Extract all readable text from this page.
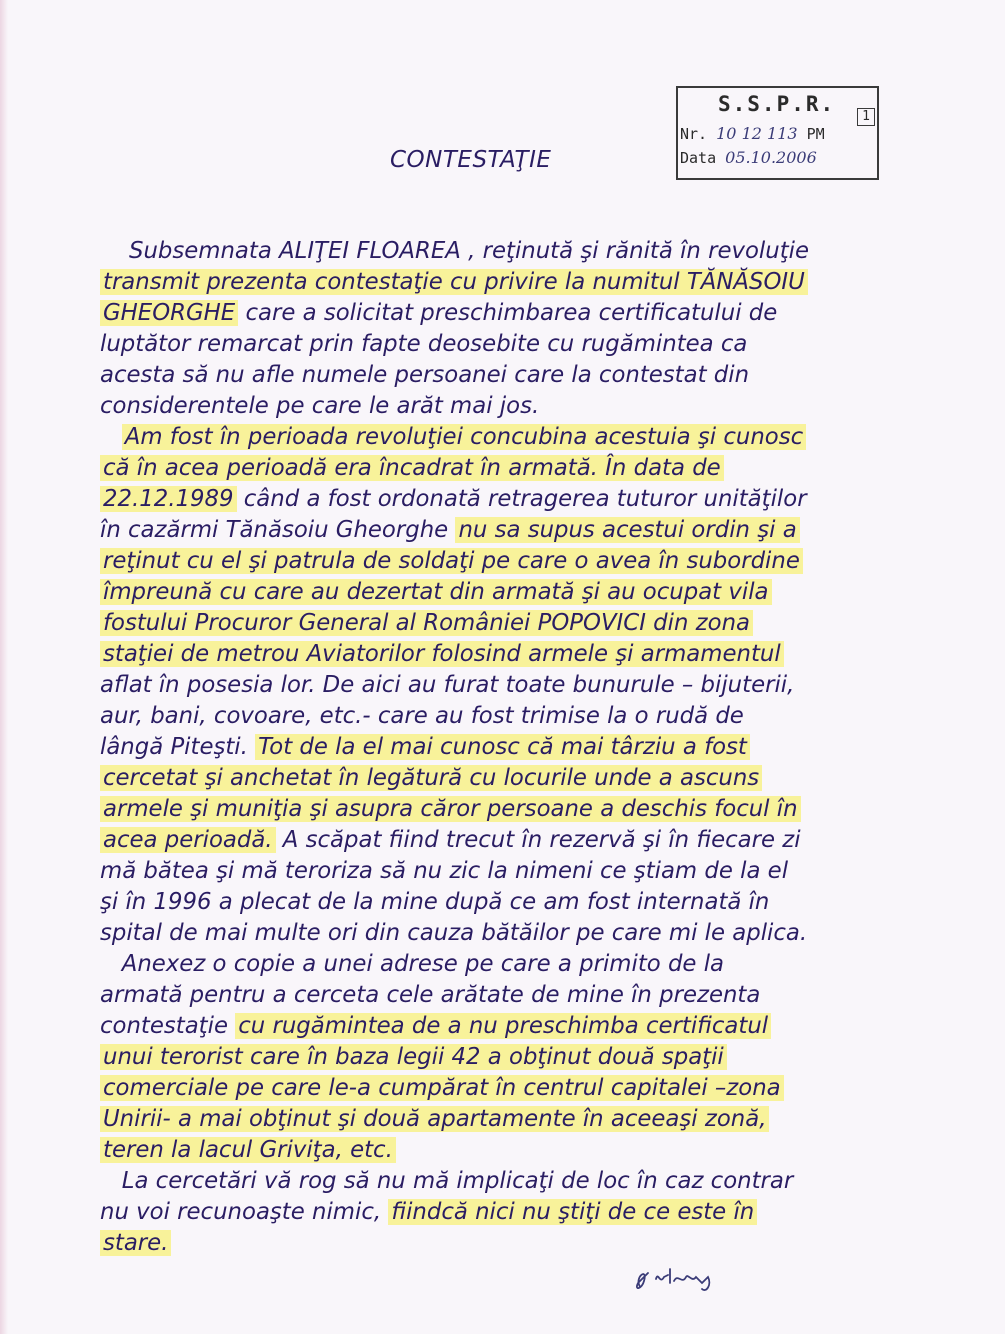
S.S.P.R.
1
Nr. 10 12 113 PM
Data 05.10.2006
CONTESTAŢIE
Subsemnata ALIŢEI FLOAREA , reţinută şi rănită în revoluţie
transmit prezenta contestaţie cu privire la numitul TĂNĂSOIU
GHEORGHE care a solicitat preschimbarea certificatului de
luptător remarcat prin fapte deosebite cu rugămintea ca
acesta să nu afle numele persoanei care la contestat din
considerentele pe care le arăt mai jos.
Am fost în perioada revoluţiei concubina acestuia şi cunosc
că în acea perioadă era încadrat în armată. În data de
22.12.1989 când a fost ordonată retragerea tuturor unităţilor
în cazărmi Tănăsoiu Gheorghe nu sa supus acestui ordin şi a
reţinut cu el şi patrula de soldaţi pe care o avea în subordine
împreună cu care au dezertat din armată şi au ocupat vila
fostului Procuror General al României POPOVICI din zona
staţiei de metrou Aviatorilor folosind armele şi armamentul
aflat în posesia lor. De aici au furat toate bunurule – bijuterii,
aur, bani, covoare, etc.- care au fost trimise la o rudă de
lângă Piteşti. Tot de la el mai cunosc că mai târziu a fost
cercetat şi anchetat în legătură cu locurile unde a ascuns
armele şi muniţia şi asupra căror persoane a deschis focul în
acea perioadă. A scăpat fiind trecut în rezervă şi în fiecare zi
mă bătea şi mă teroriza să nu zic la nimeni ce ştiam de la el
şi în 1996 a plecat de la mine după ce am fost internată în
spital de mai multe ori din cauza bătăilor pe care mi le aplica.
Anexez o copie a unei adrese pe care a primito de la
armată pentru a cerceta cele arătate de mine în prezenta
contestaţie cu rugămintea de a nu preschimba certificatul
unui terorist care în baza legii 42 a obţinut două spaţii
comerciale pe care le-a cumpărat în centrul capitalei –zona
Unirii- a mai obţinut şi două apartamente în aceeaşi zonă,
teren la lacul Griviţa, etc.
La cercetări vă rog să nu mă implicaţi de loc în caz contrar
nu voi recunoaşte nimic, fiindcă nici nu ştiţi de ce este în
stare.
